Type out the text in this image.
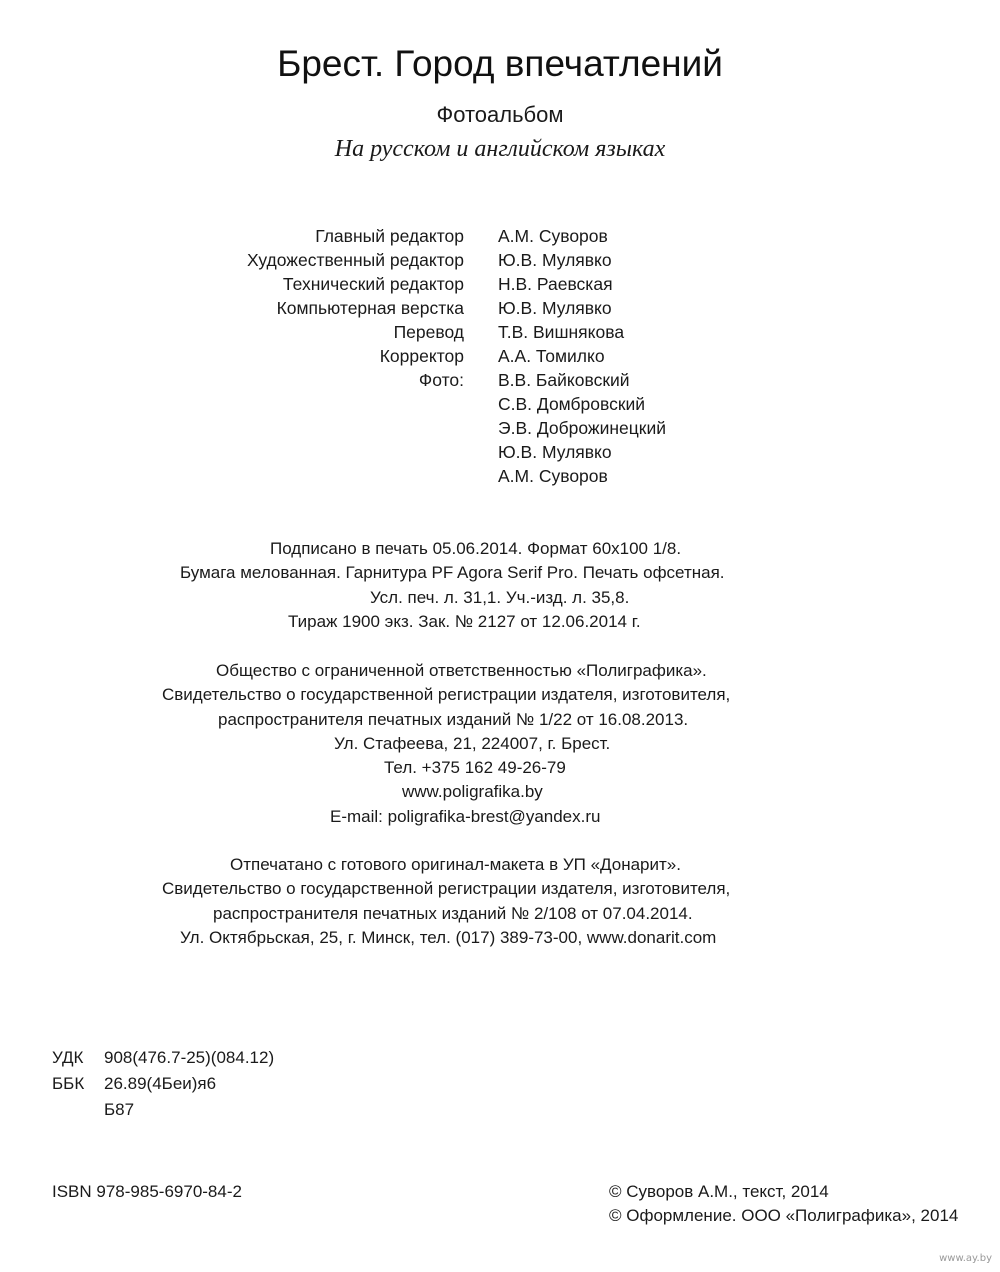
Брест. Город впечатлений
Фотоальбом
На русском и английском языках
Главный редактор А.М. Суворов
Художественный редактор Ю.В. Мулявко
Технический редактор Н.В. Раевская
Компьютерная верстка Ю.В. Мулявко
Перевод Т.В. Вишнякова
Корректор А.А. Томилко
Фото: В.В. Байковский
С.В. Домбровский
Э.В. Доброжинецкий
Ю.В. Мулявко
А.М. Суворов
Подписано в печать 05.06.2014. Формат 60х100 1/8.
Бумага мелованная. Гарнитура PF Agora Serif Pro. Печать офсетная.
Усл. печ. л. 31,1. Уч.-изд. л. 35,8.
Тираж 1900 экз. Зак. № 2127 от 12.06.2014 г.
Общество с ограниченной ответственностью «Полиграфика».
Свидетельство о государственной регистрации издателя, изготовителя,
распространителя печатных изданий № 1/22 от 16.08.2013.
Ул. Стафеева, 21, 224007, г. Брест.
Тел. +375 162 49-26-79
www.poligrafika.by
E-mail: poligrafika-brest@yandex.ru
Отпечатано с готового оригинал-макета в УП «Донарит».
Свидетельство о государственной регистрации издателя, изготовителя,
распространителя печатных изданий № 2/108 от 07.04.2014.
Ул. Октябрьская, 25, г. Минск, тел. (017) 389-73-00, www.donarit.com
УДК	908(476.7-25)(084.12)
ББК	26.89(4Беи)я6
Б87
ISBN 978-985-6970-84-2	© Суворов А.М., текст, 2014
© Оформление. ООО «Полиграфика», 2014
www.ay.by
